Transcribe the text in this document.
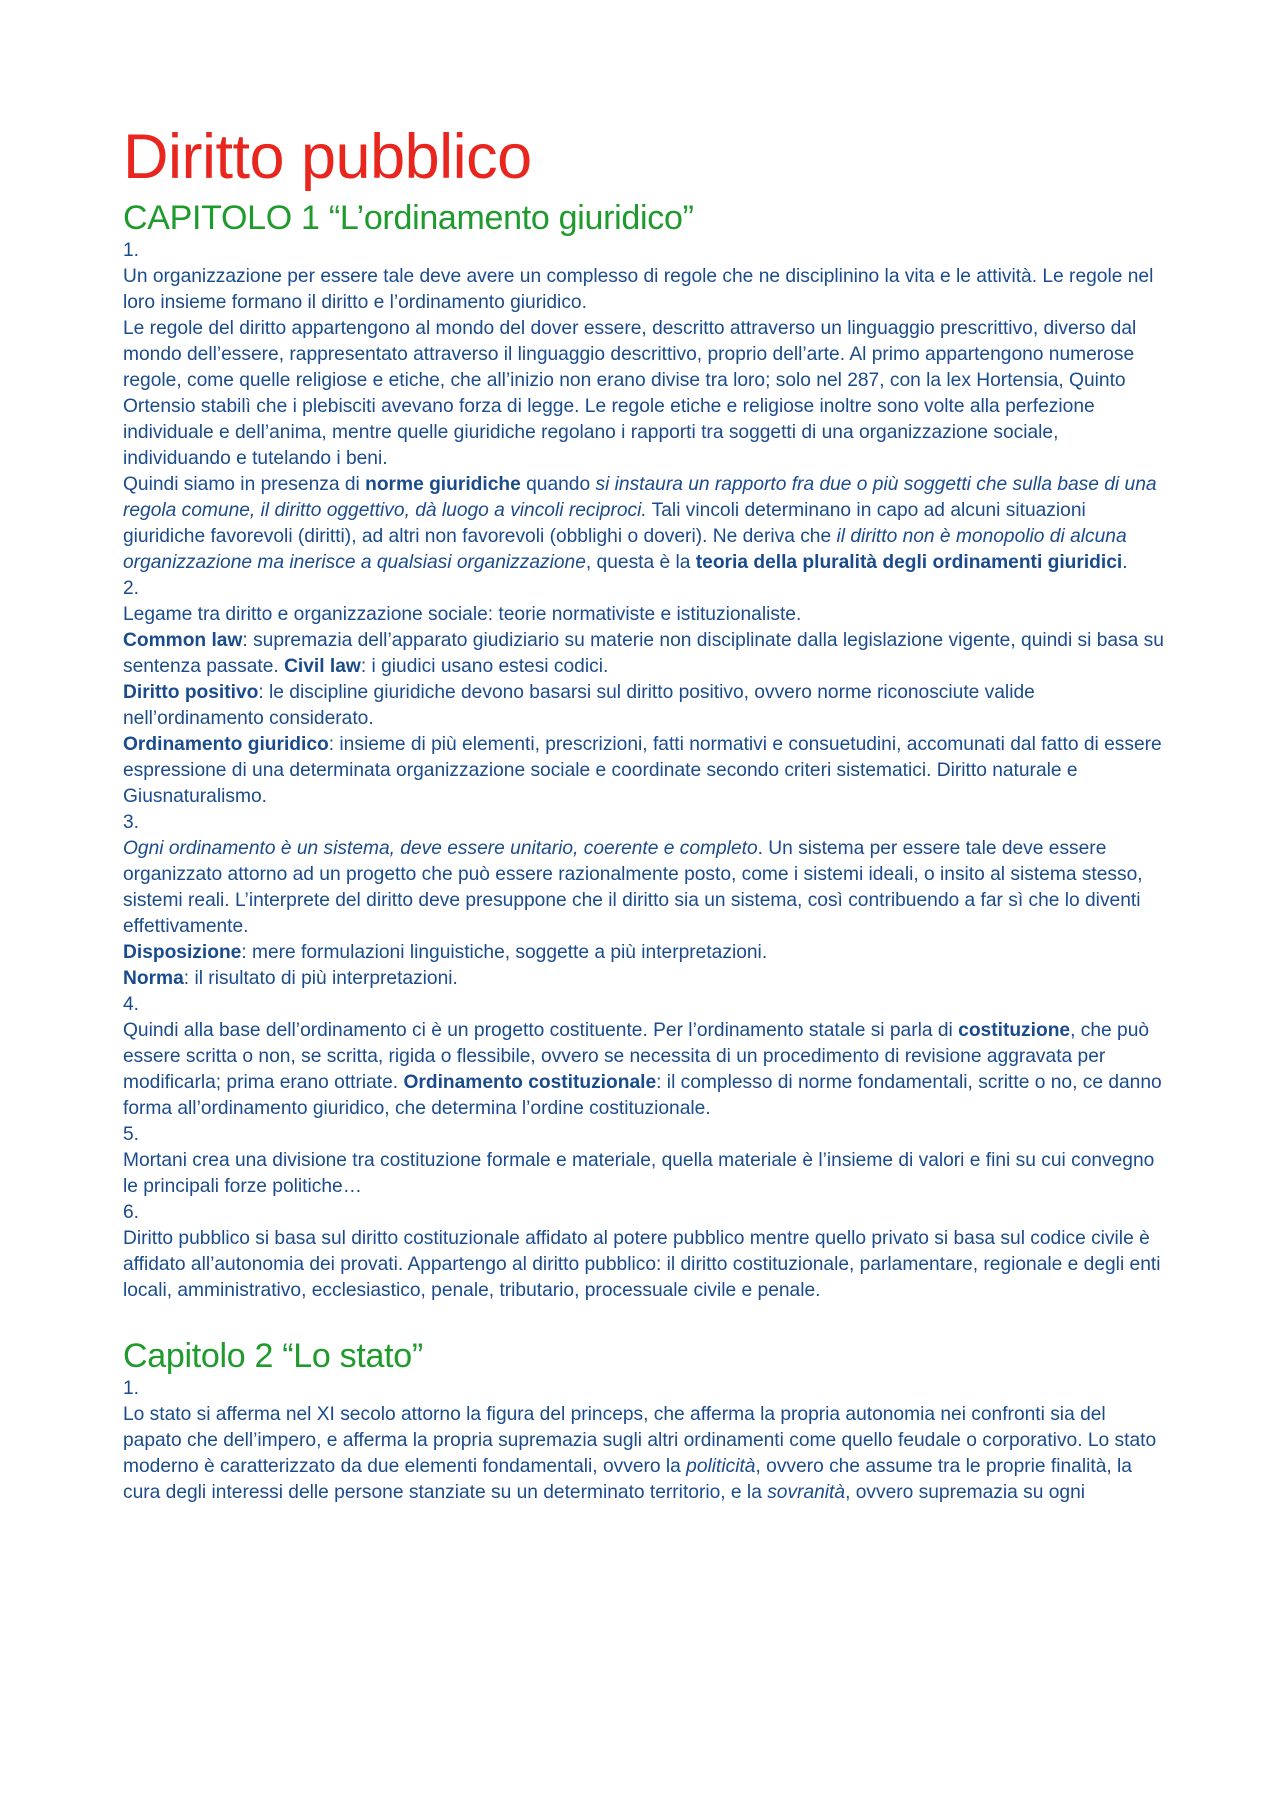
Diritto pubblico
CAPITOLO 1 “L’ordinamento giuridico”
1.

Un organizzazione per essere tale deve avere un complesso di regole che ne disciplinino la vita e le attività. Le regole nel loro insieme formano il diritto e l’ordinamento giuridico.

Le regole del diritto appartengono al mondo del dover essere, descritto attraverso un linguaggio prescrittivo, diverso dal mondo dell’essere, rappresentato attraverso il linguaggio descrittivo, proprio dell’arte. Al primo appartengono numerose regole, come quelle religiose e etiche, che all’inizio non erano divise tra loro; solo nel 287, con la lex Hortensia, Quinto Ortensio stabilì che i plebisciti avevano forza di legge. Le regole etiche e religiose inoltre sono volte alla perfezione individuale e dell’anima, mentre quelle giuridiche regolano i rapporti tra soggetti di una organizzazione sociale, individuando e tutelando i beni.

Quindi siamo in presenza di norme giuridiche quando si instaura un rapporto fra due o più soggetti che sulla base di una regola comune, il diritto oggettivo, dà luogo a vincoli reciproci. Tali vincoli determinano in capo ad alcuni situazioni giuridiche favorevoli (diritti), ad altri non favorevoli (obblighi o doveri). Ne deriva che il diritto non è monopolio di alcuna organizzazione ma inerisce a qualsiasi organizzazione, questa è la teoria della pluralità degli ordinamenti giuridici.

2.

Legame tra diritto e organizzazione sociale: teorie normativiste e istituzionaliste.

Common law: supremazia dell’apparato giudiziario su materie non disciplinate dalla legislazione vigente, quindi si basa su sentenza passate. Civil law: i giudici usano estesi codici.

Diritto positivo: le discipline giuridiche devono basarsi sul diritto positivo, ovvero norme riconosciute valide nell’ordinamento considerato.

Ordinamento giuridico: insieme di più elementi, prescrizioni, fatti normativi e consuetudini, accomunati dal fatto di essere espressione di una determinata organizzazione sociale e coordinate secondo criteri sistematici. Diritto naturale e Giusnaturalismo.

3.

Ogni ordinamento è un sistema, deve essere unitario, coerente e completo. Un sistema per essere tale deve essere organizzato attorno ad un progetto che può essere razionalmente posto, come i sistemi ideali, o insito al sistema stesso, sistemi reali. L’interprete del diritto deve presuppone che il diritto sia un sistema, così contribuendo a far sì che lo diventi effettivamente.

Disposizione: mere formulazioni linguistiche, soggette a più interpretazioni.

Norma: il risultato di più interpretazioni.

4.

Quindi alla base dell’ordinamento ci è un progetto costituente. Per l’ordinamento statale si parla di costituzione, che può essere scritta o non, se scritta, rigida o flessibile, ovvero se necessita di un procedimento di revisione aggravata per modificarla; prima erano ottriate. Ordinamento costituzionale: il complesso di norme fondamentali, scritte o no, ce danno forma all’ordinamento giuridico, che determina l’ordine costituzionale.

5.

Mortani crea una divisione tra costituzione formale e materiale, quella materiale è l’insieme di valori e fini su cui convegno le principali forze politiche…

6.

Diritto pubblico si basa sul diritto costituzionale affidato al potere pubblico mentre quello privato si basa sul codice civile è affidato all’autonomia dei provati. Appartengo al diritto pubblico: il diritto costituzionale, parlamentare, regionale e degli enti locali, amministrativo, ecclesiastico, penale, tributario, processuale civile e penale.

Capitolo 2 “Lo stato”
1.

Lo stato si afferma nel XI secolo attorno la figura del princeps, che afferma la propria autonomia nei confronti sia del papato che dell’impero, e afferma la propria supremazia sugli altri ordinamenti come quello feudale o corporativo. Lo stato moderno è caratterizzato da due elementi fondamentali, ovvero la politicità, ovvero che assume tra le proprie finalità, la cura degli interessi delle persone stanziate su un determinato territorio, e la sovranità, ovvero supremazia su ogni
